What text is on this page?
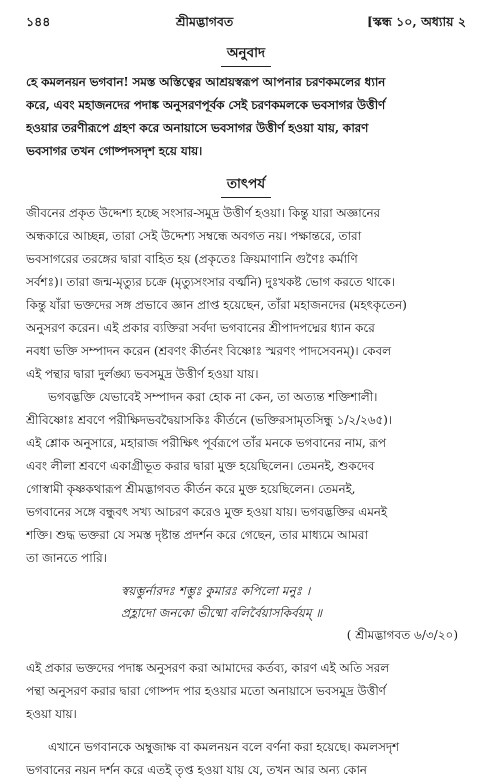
১৪৪	শ্রীমদ্ভাগবত	[স্কন্ধ ১০, অধ্যায় ২
অনুবাদ

হে কমলনয়ন ভগবান! সমস্ত অস্তিত্বের আশ্রয়স্বরূপ আপনার চরণকমলের ধ্যান
করে, এবং মহাজনদের পদাঙ্ক অনুসরণপূর্বক সেই চরণকমলকে ভবসাগর উত্তীর্ণ
হওয়ার তরণীরূপে গ্রহণ করে অনায়াসে ভবসাগর উত্তীর্ণ হওয়া যায়, কারণ
ভবসাগর তখন গোষ্পদসদৃশ হয়ে যায়।

তাৎপর্য

জীবনের প্রকৃত উদ্দেশ্য হচ্ছে সংসার-সমুদ্র উত্তীর্ণ হওয়া। কিন্তু যারা অজ্ঞানের
অন্ধকারে আচ্ছন্ন, তারা সেই উদ্দেশ্য সম্বন্ধে অবগত নয়। পক্ষান্তরে, তারা
ভবসাগরের তরঙ্গের দ্বারা বাহিত হয় (প্রকৃতেঃ ক্রিয়মাণানি গুণৈঃ কর্মাণি
সর্বশঃ)। তারা জন্ম-মৃত্যুর চক্রে (মৃত্যুসংসার বর্ত্মনি) দুঃখকষ্ট ভোগ করতে থাকে।
কিন্তু যাঁরা ভক্তদের সঙ্গ প্রভাবে জ্ঞান প্রাপ্ত হয়েছেন, তাঁরা মহাজনদের (মহৎকৃতেন)
অনুসরণ করেন। এই প্রকার ব্যক্তিরা সর্বদা ভগবানের শ্রীপাদপদ্মের ধ্যান করে
নবধা ভক্তি সম্পাদন করেন (শ্রবণং কীর্তনং বিষ্ণোঃ স্মরণং পাদসেবনম্)। কেবল
এই পন্থার দ্বারা দুর্লঙ্ঘ্য ভবসমুদ্র উত্তীর্ণ হওয়া যায়।

ভগবদ্ভক্তি যেভাবেই সম্পাদন করা হোক না কেন, তা অত্যন্ত শক্তিশালী।
শ্রীবিষ্ণোঃ শ্রবণে পরীক্ষিদভবদ্বৈয়াসকিঃ কীর্তনে (ভক্তিরসামৃতসিন্ধু ১/২/২৬৫)।
এই শ্লোক অনুসারে, মহারাজ পরীক্ষিৎ পূর্বরূপে তাঁর মনকে ভগবানের নাম, রূপ
এবং লীলা শ্রবণে একাগ্রীভূত করার দ্বারা মুক্ত হয়েছিলেন। তেমনই, শুকদেব
গোস্বামী কৃষ্ণকথারূপ শ্রীমদ্ভাগবত কীর্তন করে মুক্ত হয়েছিলেন। তেমনই,
ভগবানের সঙ্গে বন্ধুবৎ সখ্য আচরণ করেও মুক্ত হওয়া যায়। ভগবদ্ভক্তির এমনই
শক্তি। শুদ্ধ ভক্তরা যে সমস্ত দৃষ্টান্ত প্রদর্শন করে গেছেন, তার মাধ্যমে আমরা
তা জানতে পারি।

স্বয়ম্ভুর্নারদঃ শম্ভুঃ কুমারঃ কপিলো মনুঃ ।
প্রহ্লাদো জনকো ভীষ্মো বলির্বৈয়াসকির্বয়ম্ ॥
( শ্রীমদ্ভাগবত ৬/৩/২০)

এই প্রকার ভক্তদের পদাঙ্ক অনুসরণ করা আমাদের কর্তব্য, কারণ এই অতি সরল
পন্থা অনুসরণ করার দ্বারা গোষ্পদ পার হওয়ার মতো অনায়াসে ভবসমুদ্র উত্তীর্ণ
হওয়া যায়।

এখানে ভগবানকে অম্বুজাক্ষ বা কমলনয়ন বলে বর্ণনা করা হয়েছে। কমলসদৃশ
ভগবানের নয়ন দর্শন করে এতই তৃপ্ত হওয়া যায় যে, তখন আর অন্য কোন
